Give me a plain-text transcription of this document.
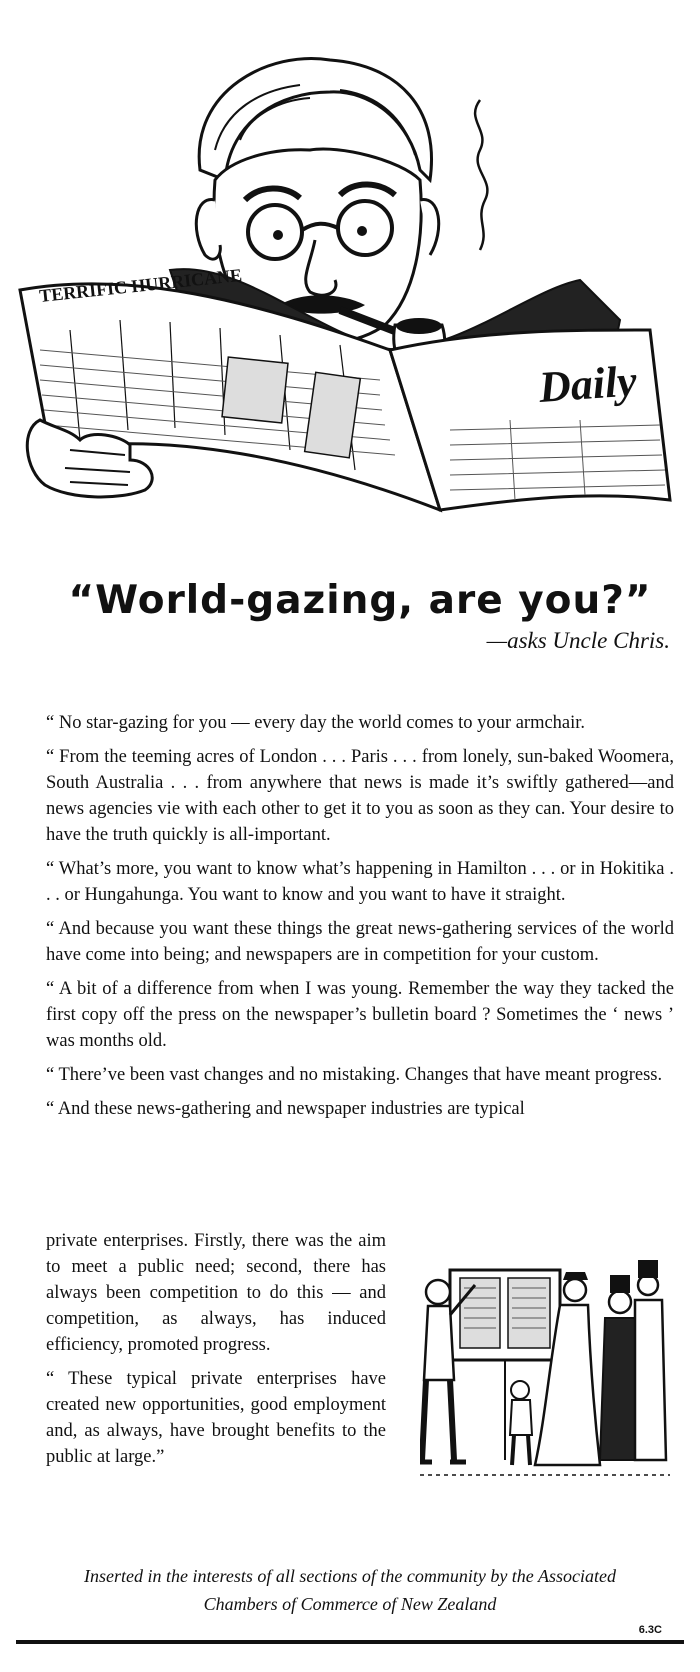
TERRIFIC HURRICANE
Daily
“World-gazing, are you?”
—asks Uncle Chris.

“ No star-gazing for you — every day the world comes to your armchair.

“ From the teeming acres of London . . . Paris . . . from lonely, sun-baked Woomera, South Australia . . . from anywhere that news is made it’s swiftly gathered—and news agencies vie with each other to get it to you as soon as they can. Your desire to have the truth quickly is all-important.

“ What’s more, you want to know what’s happening in Hamilton . . . or in Hokitika . . . or Hungahunga. You want to know and you want to have it straight.

“ And because you want these things the great news-gathering services of the world have come into being; and newspapers are in competition for your custom.

“ A bit of a difference from when I was young. Remember the way they tacked the first copy off the press on the newspaper’s bulletin board ? Sometimes the ‘ news ’ was months old.

“ There’ve been vast changes and no mistaking. Changes that have meant progress.

“ And these news-gathering and newspaper industries are typical

private enterprises. Firstly, there was the aim to meet a public need; second, there has always been competition to do this — and competition, as always, has induced efficiency, promoted progress.

“ These typical private enterprises have created new opportunities, good employment and, as always, have brought benefits to the public at large.”

Inserted in the interests of all sections of the community by the Associated
Chambers of Commerce of New Zealand
6.3C
